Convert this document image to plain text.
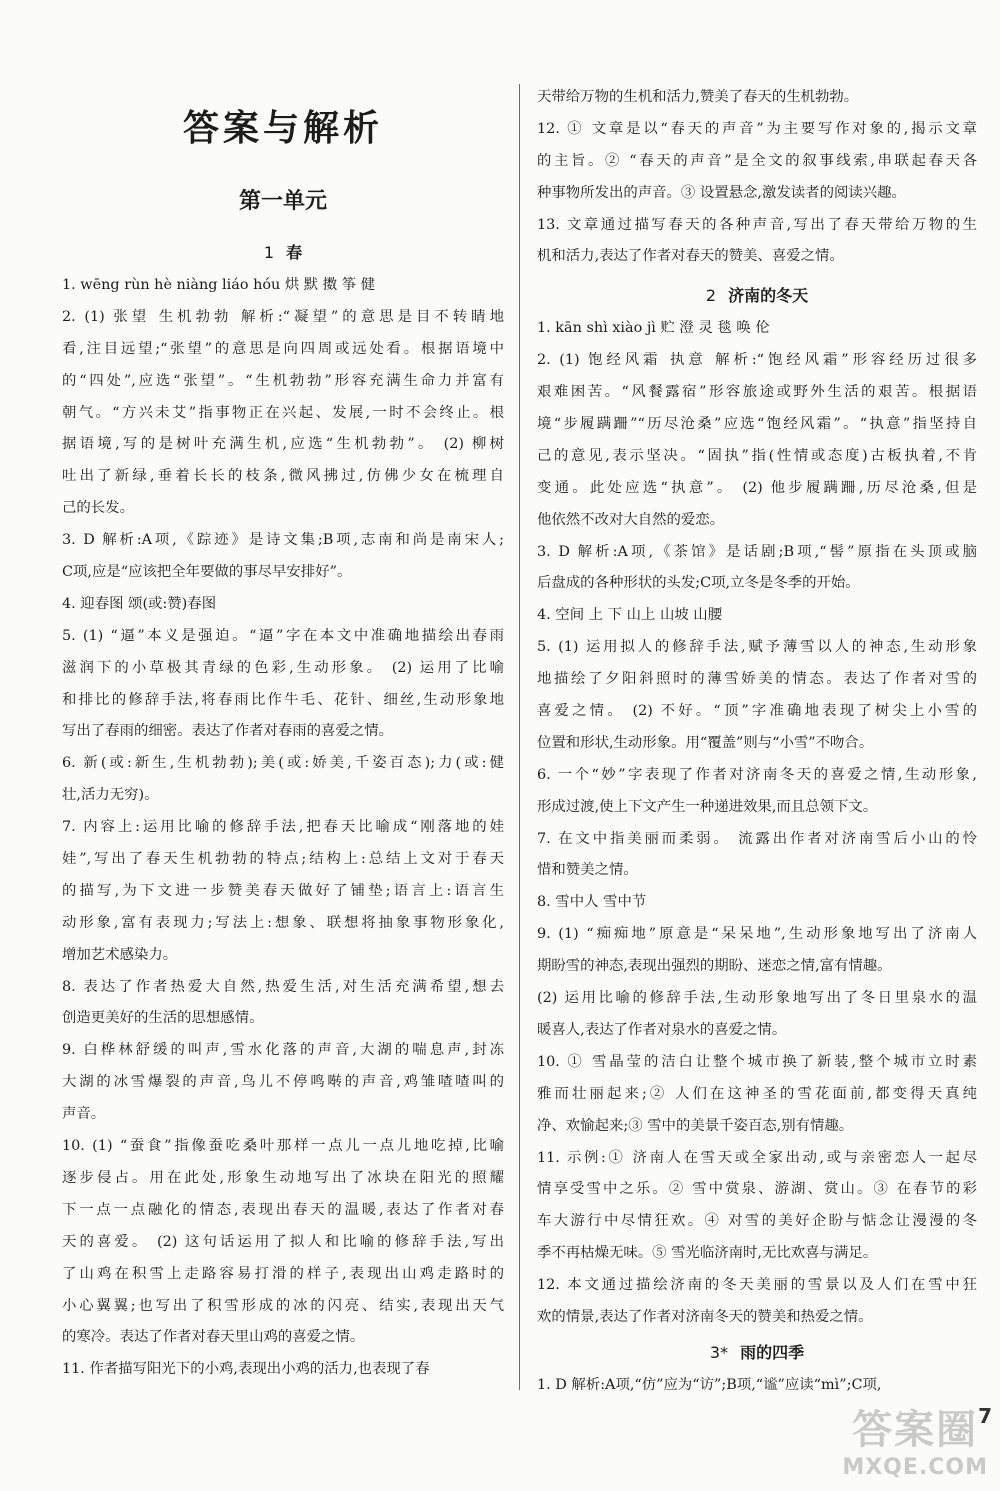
答案与解析
第一单元
1 春
1. wēng rùn hè niàng liáo hóu 烘 默 擞 筝 健
2. (1) 张望 生机勃勃 解析:“凝望”的意思是目不转睛地
看,注目远望;“张望”的意思是向四周或远处看。根据语境中
的“四处”,应选“张望”。“生机勃勃”形容充满生命力并富有
朝气。“方兴未艾”指事物正在兴起、发展,一时不会终止。根
据语境,写的是树叶充满生机,应选“生机勃勃”。 (2) 柳树
吐出了新绿,垂着长长的枝条,微风拂过,仿佛少女在梳理自
己的长发。
3. D 解析:A项,《踪迹》是诗文集;B项,志南和尚是南宋人;
C项,应是“应该把全年要做的事尽早安排好”。
4. 迎春图 颂(或:赞)春图
5. (1) “逼”本义是强迫。“逼”字在本文中准确地描绘出春雨
滋润下的小草极其青绿的色彩,生动形象。 (2) 运用了比喻
和排比的修辞手法,将春雨比作牛毛、花针、细丝,生动形象地
写出了春雨的细密。表达了作者对春雨的喜爱之情。
6. 新(或:新生,生机勃勃);美(或:娇美,千姿百态);力(或:健
壮,活力无穷)。
7. 内容上:运用比喻的修辞手法,把春天比喻成“刚落地的娃
娃”,写出了春天生机勃勃的特点;结构上:总结上文对于春天
的描写,为下文进一步赞美春天做好了铺垫;语言上:语言生
动形象,富有表现力;写法上:想象、联想将抽象事物形象化,
增加艺术感染力。
8. 表达了作者热爱大自然,热爱生活,对生活充满希望,想去
创造更美好的生活的思想感情。
9. 白桦林舒缓的叫声,雪水化落的声音,大湖的喘息声,封冻
大湖的冰雪爆裂的声音,鸟儿不停鸣啭的声音,鸡雏喳喳叫的
声音。
10. (1) “蚕食”指像蚕吃桑叶那样一点儿一点儿地吃掉,比喻
逐步侵占。用在此处,形象生动地写出了冰块在阳光的照耀
下一点一点融化的情态,表现出春天的温暖,表达了作者对春
天的喜爱。 (2) 这句话运用了拟人和比喻的修辞手法,写出
了山鸡在积雪上走路容易打滑的样子,表现出山鸡走路时的
小心翼翼;也写出了积雪形成的冰的闪亮、结实,表现出天气
的寒冷。表达了作者对春天里山鸡的喜爱之情。
11. 作者描写阳光下的小鸡,表现出小鸡的活力,也表现了春
天带给万物的生机和活力,赞美了春天的生机勃勃。
12. ① 文章是以“春天的声音”为主要写作对象的,揭示文章
的主旨。② “春天的声音”是全文的叙事线索,串联起春天各
种事物所发出的声音。③ 设置悬念,激发读者的阅读兴趣。
13. 文章通过描写春天的各种声音,写出了春天带给万物的生
机和活力,表达了作者对春天的赞美、喜爱之情。
2 济南的冬天
1. kān shì xiào jì 贮 澄 灵 毯 唤 伦
2. (1) 饱经风霜 执意 解析:“饱经风霜”形容经历过很多
艰难困苦。“风餐露宿”形容旅途或野外生活的艰苦。根据语
境“步履蹒跚”“历尽沧桑”应选“饱经风霜”。“执意”指坚持自
己的意见,表示坚决。“固执”指(性情或态度)古板执着,不肯
变通。此处应选“执意”。 (2) 他步履蹒跚,历尽沧桑,但是
他依然不改对大自然的爱恋。
3. D 解析:A项,《茶馆》是话剧;B项,“髻”原指在头顶或脑
后盘成的各种形状的头发;C项,立冬是冬季的开始。
4. 空间 上 下 山上 山坡 山腰
5. (1) 运用拟人的修辞手法,赋予薄雪以人的神态,生动形象
地描绘了夕阳斜照时的薄雪娇美的情态。表达了作者对雪的
喜爱之情。 (2) 不好。“顶”字准确地表现了树尖上小雪的
位置和形状,生动形象。用“覆盖”则与“小雪”不吻合。
6. 一个“妙”字表现了作者对济南冬天的喜爱之情,生动形象,
形成过渡,使上下文产生一种递进效果,而且总领下文。
7. 在文中指美丽而柔弱。 流露出作者对济南雪后小山的怜
惜和赞美之情。
8. 雪中人 雪中节
9. (1) “痴痴地”原意是“呆呆地”,生动形象地写出了济南人
期盼雪的神态,表现出强烈的期盼、迷恋之情,富有情趣。
(2) 运用比喻的修辞手法,生动形象地写出了冬日里泉水的温
暖喜人,表达了作者对泉水的喜爱之情。
10. ① 雪晶莹的洁白让整个城市换了新装,整个城市立时素
雅而壮丽起来;② 人们在这神圣的雪花面前,都变得天真纯
净、欢愉起来;③ 雪中的美景千姿百态,别有情趣。
11. 示例:① 济南人在雪天或全家出动,或与亲密恋人一起尽
情享受雪中之乐。② 雪中赏泉、游湖、赏山。③ 在春节的彩
车大游行中尽情狂欢。④ 对雪的美好企盼与惦念让漫漫的冬
季不再枯燥无味。⑤ 雪光临济南时,无比欢喜与满足。
12. 本文通过描绘济南的冬天美丽的雪景以及人们在雪中狂
欢的情景,表达了作者对济南冬天的赞美和热爱之情。
3* 雨的四季
1. D 解析:A项,“仿”应为“访”;B项,“谧”应读“mì”;C项,
7
答案圈
MXQE.COM
